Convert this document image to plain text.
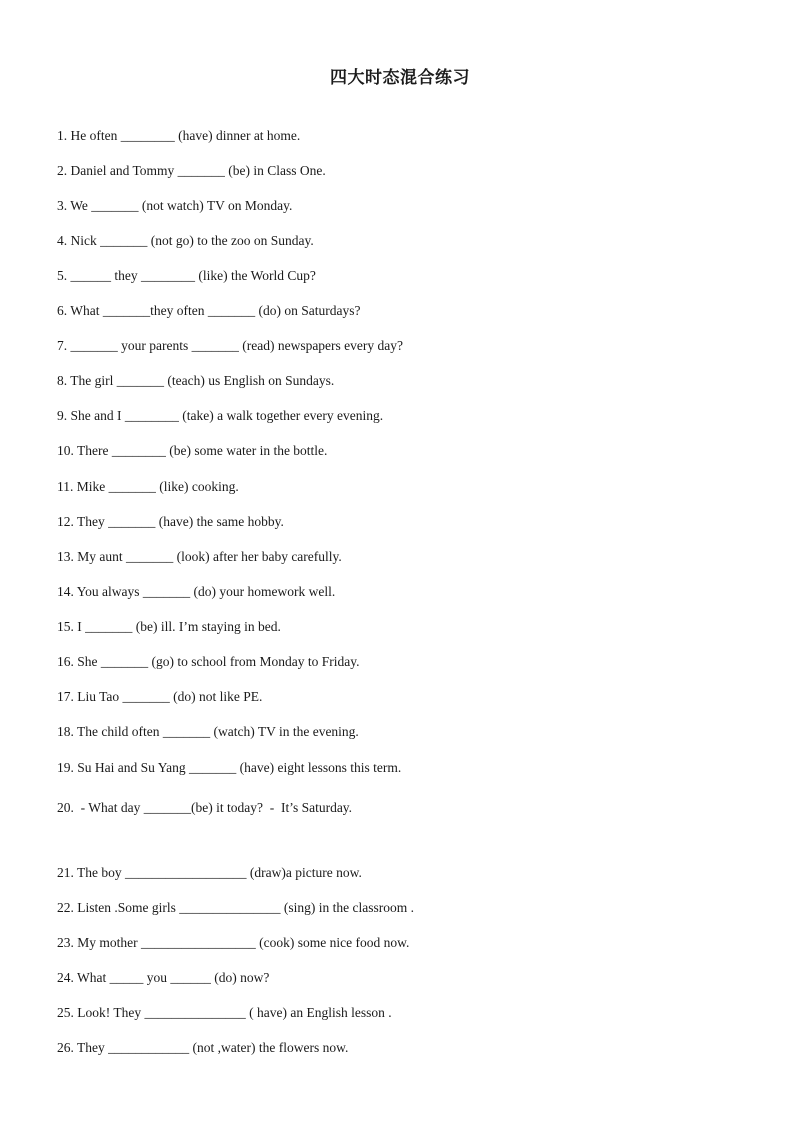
四大时态混合练习
1. He often ________ (have) dinner at home.
2. Daniel and Tommy _______ (be) in Class One.
3. We _______ (not watch) TV on Monday.
4. Nick _______ (not go) to the zoo on Sunday.
5. ______ they ________ (like) the World Cup?
6. What _______they often _______ (do) on Saturdays?
7. _______ your parents _______ (read) newspapers every day?
8. The girl _______ (teach) us English on Sundays.
9. She and I ________ (take) a walk together every evening.
10. There ________ (be) some water in the bottle.
11. Mike _______ (like) cooking.
12. They _______ (have) the same hobby.
13. My aunt _______ (look) after her baby carefully.
14. You always _______ (do) your homework well.
15. I _______ (be) ill. I’m staying in bed.
16. She _______ (go) to school from Monday to Friday.
17. Liu Tao _______ (do) not like PE.
18. The child often _______ (watch) TV in the evening.
19. Su Hai and Su Yang _______ (have) eight lessons this term.
20.  - What day _______(be) it today?  -  It’s Saturday.
21. The boy __________________ (draw)a picture now.
22. Listen .Some girls _______________ (sing) in the classroom .
23. My mother _________________ (cook) some nice food now.
24. What _____ you ______ (do) now?
25. Look! They _______________ ( have) an English lesson .
26. They ____________ (not ,water) the flowers now.
